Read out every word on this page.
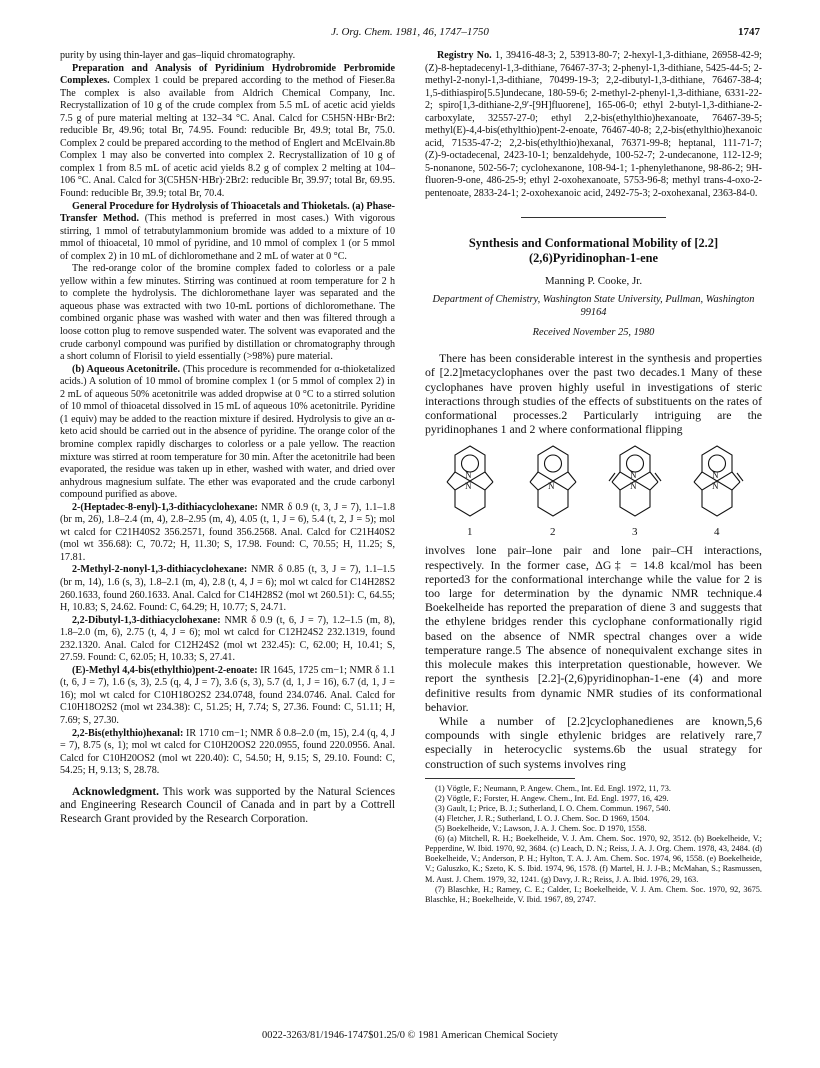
J. Org. Chem. 1981, 46, 1747–1750	1747

purity by using thin-layer and gas–liquid chromatography.

Preparation and Analysis of Pyridinium Hydrobromide Perbromide Complexes. Complex 1 could be prepared according to the method of Fieser.8a The complex is also available from Aldrich Chemical Company, Inc. Recrystallization of 10 g of the crude complex from 5.5 mL of acetic acid yields 7.5 g of pure material melting at 132–34 °C. Anal. Calcd for C5H5N·HBr·Br2: reducible Br, 49.96; total Br, 74.95. Found: reducible Br, 49.9; total Br, 75.0. Complex 2 could be prepared according to the method of Englert and McElvain.8b Complex 1 may also be converted into complex 2. Recrystallization of 10 g of complex 1 from 8.5 mL of acetic acid yields 8.2 g of complex 2 melting at 104–106 °C. Anal. Calcd for 3(C5H5N·HBr)·2Br2: reducible Br, 39.97; total Br, 69.95. Found: reducible Br, 39.9; total Br, 70.4.

General Procedure for Hydrolysis of Thioacetals and Thioketals. (a) Phase-Transfer Method. (This method is preferred in most cases.) With vigorous stirring, 1 mmol of tetrabutylammonium bromide was added to a mixture of 10 mmol of thioacetal, 10 mmol of pyridine, and 10 mmol of complex 1 (or 5 mmol of complex 2) in 10 mL of dichloromethane and 2 mL of water at 0 °C.

The red-orange color of the bromine complex faded to colorless or a pale yellow within a few minutes. Stirring was continued at room temperature for 2 h to complete the hydrolysis. The dichloromethane layer was separated and the aqueous phase was extracted with two 10-mL portions of dichloromethane. The combined organic phase was washed with water and then was filtered through a loose cotton plug to remove suspended water. The solvent was evaporated and the crude carbonyl compound was purified by distillation or chromatography through a short column of Florisil to yield essentially (>98%) pure material.

(b) Aqueous Acetonitrile. (This procedure is recommended for α-thioketalized acids.) A solution of 10 mmol of bromine complex 1 (or 5 mmol of complex 2) in 2 mL of aqueous 50% acetonitrile was added dropwise at 0 °C to a stirred solution of 10 mmol of thioacetal dissolved in 15 mL of aqueous 10% acetonitrile. Pyridine (1 equiv) may be added to the reaction mixture if desired. Hydrolysis to give an α-keto acid should be carried out in the absence of pyridine. The orange color of the bromine complex rapidly discharges to colorless or a pale yellow. The reaction mixture was stirred at room temperature for 30 min. After the acetonitrile had been evaporated, the residue was taken up in ether, washed with water, and dried over anhydrous magnesium sulfate. The ether was evaporated and the crude carbonyl compound purified as above.

2-(Heptadec-8-enyl)-1,3-dithiacyclohexane: NMR δ 0.9 (t, 3, J = 7), 1.1–1.8 (br m, 26), 1.8–2.4 (m, 4), 2.8–2.95 (m, 4), 4.05 (t, 1, J = 6), 5.4 (t, 2, J = 5); mol wt calcd for C21H40S2 356.2571, found 356.2568. Anal. Calcd for C21H40S2 (mol wt 356.68): C, 70.72; H, 11.30; S, 17.98. Found: C, 70.55; H, 11.25; S, 17.81.

2-Methyl-2-nonyl-1,3-dithiacyclohexane: NMR δ 0.85 (t, 3, J = 7), 1.1–1.5 (br m, 14), 1.6 (s, 3), 1.8–2.1 (m, 4), 2.8 (t, 4, J = 6); mol wt calcd for C14H28S2 260.1633, found 260.1633. Anal. Calcd for C14H28S2 (mol wt 260.51): C, 64.55; H, 10.83; S, 24.62. Found: C, 64.29; H, 10.77; S, 24.71.

2,2-Dibutyl-1,3-dithiacyclohexane: NMR δ 0.9 (t, 6, J = 7), 1.2–1.5 (m, 8), 1.8–2.0 (m, 6), 2.75 (t, 4, J = 6); mol wt calcd for C12H24S2 232.1319, found 232.1320. Anal. Calcd for C12H24S2 (mol wt 232.45): C, 62.00; H, 10.41; S, 27.59. Found: C, 62.05; H, 10.33; S, 27.41.

(E)-Methyl 4,4-bis(ethylthio)pent-2-enoate: IR 1645, 1725 cm−1; NMR δ 1.1 (t, 6, J = 7), 1.6 (s, 3), 2.5 (q, 4, J = 7), 3.6 (s, 3), 5.7 (d, 1, J = 16), 6.7 (d, 1, J = 16); mol wt calcd for C10H18O2S2 234.0748, found 234.0746. Anal. Calcd for C10H18O2S2 (mol wt 234.38): C, 51.25; H, 7.74; S, 27.36. Found: C, 51.11; H, 7.69; S, 27.30.

2,2-Bis(ethylthio)hexanal: IR 1710 cm−1; NMR δ 0.8–2.0 (m, 15), 2.4 (q, 4, J = 7), 8.75 (s, 1); mol wt calcd for C10H20OS2 220.0955, found 220.0956. Anal. Calcd for C10H20OS2 (mol wt 220.40): C, 54.50; H, 9.15; S, 29.10. Found: C, 54.25; H, 9.13; S, 28.78.

Acknowledgment. This work was supported by the Natural Sciences and Engineering Research Council of Canada and in part by a Cottrell Research Grant provided by the Research Corporation.

Registry No. 1, 39416-48-3; 2, 53913-80-7; 2-hexyl-1,3-dithiane, 26958-42-9; (Z)-8-heptadecenyl-1,3-dithiane, 76467-37-3; 2-phenyl-1,3-dithiane, 5425-44-5; 2-methyl-2-nonyl-1,3-dithiane, 70499-19-3; 2,2-dibutyl-1,3-dithiane, 76467-38-4; 1,5-dithiaspiro[5.5]undecane, 180-59-6; 2-methyl-2-phenyl-1,3-dithiane, 6331-22-2; spiro[1,3-dithiane-2,9′-[9H]fluorene], 165-06-0; ethyl 2-butyl-1,3-dithiane-2-carboxylate, 32557-27-0; ethyl 2,2-bis(ethylthio)hexanoate, 76467-39-5; methyl(E)-4,4-bis(ethylthio)pent-2-enoate, 76467-40-8; 2,2-bis(ethylthio)hexanoic acid, 71535-47-2; 2,2-bis(ethylthio)hexanal, 76371-99-8; heptanal, 111-71-7; (Z)-9-octadecenal, 2423-10-1; benzaldehyde, 100-52-7; 2-undecanone, 112-12-9; 5-nonanone, 502-56-7; cyclohexanone, 108-94-1; 1-phenylethanone, 98-86-2; 9H-fluoren-9-one, 486-25-9; ethyl 2-oxohexanoate, 5753-96-8; methyl trans-4-oxo-2-pentenoate, 2833-24-1; 2-oxohexanoic acid, 2492-75-3; 2-oxohexanal, 2363-84-0.

Synthesis and Conformational Mobility of [2.2](2,6)Pyridinophan-1-ene
Manning P. Cooke, Jr.
Department of Chemistry, Washington State University, Pullman, Washington 99164
Received November 25, 1980

There has been considerable interest in the synthesis and properties of [2.2]metacyclophanes over the past two decades.1 Many of these cyclophanes have proven highly useful in investigations of steric interactions through studies of the effects of substituents on the rates of conformational processes.2 Particularly intriguing are the pyridinophanes 1 and 2 where conformational flipping

N
N
N	N
N
N
N
1	2	3	4

involves lone pair–lone pair and lone pair–CH interactions, respectively. In the former case, ΔG‡ = 14.8 kcal/mol has been reported3 for the conformational interchange while the value for 2 is too large for determination by the dynamic NMR technique.4 Boekelheide has reported the preparation of diene 3 and suggests that the ethylene bridges render this cyclophane conformationally rigid based on the absence of NMR spectral changes over a wide temperature range.5 The absence of nonequivalent exchange sites in this molecule makes this interpretation questionable, however. We report the synthesis [2.2]-(2,6)pyridinophan-1-ene (4) and more definitive results from dynamic NMR studies of its conformational behavior.

While a number of [2.2]cyclophanedienes are known,5,6 compounds with single ethylenic bridges are relatively rare,7 especially in heterocyclic systems.6b the usual strategy for construction of such systems involves ring

(1) Vögtle, F.; Neumann, P. Angew. Chem., Int. Ed. Engl. 1972, 11, 73.

(2) Vögtle, F.; Forster, H. Angew. Chem., Int. Ed. Engl. 1977, 16, 429.

(3) Gault, I.; Price, B. J.; Sutherland, I. O. Chem. Commun. 1967, 540.

(4) Fletcher, J. R.; Sutherland, I. O. J. Chem. Soc. D 1969, 1504.

(5) Boekelheide, V.; Lawson, J. A. J. Chem. Soc. D 1970, 1558.

(6) (a) Mitchell, R. H.; Boekelheide, V. J. Am. Chem. Soc. 1970, 92, 3512. (b) Boekelheide, V.; Pepperdine, W. Ibid. 1970, 92, 3684. (c) Leach, D. N.; Reiss, J. A. J. Org. Chem. 1978, 43, 2484. (d) Boekelheide, V.; Anderson, P. H.; Hylton, T. A. J. Am. Chem. Soc. 1974, 96, 1558. (e) Boekelheide, V.; Galuszko, K.; Szeto, K. S. Ibid. 1974, 96, 1578. (f) Martel, H. J. J-B.; McMahan, S.; Rasmussen, M. Aust. J. Chem. 1979, 32, 1241. (g) Davy, J. R.; Reiss, J. A. Ibid. 1976, 29, 163.

(7) Blaschke, H.; Ramey, C. E.; Calder, I.; Boekelheide, V. J. Am. Chem. Soc. 1970, 92, 3675. Blaschke, H.; Boekelheide, V. Ibid. 1967, 89, 2747.

0022-3263/81/1946-1747$01.25/0 © 1981 American Chemical Society
